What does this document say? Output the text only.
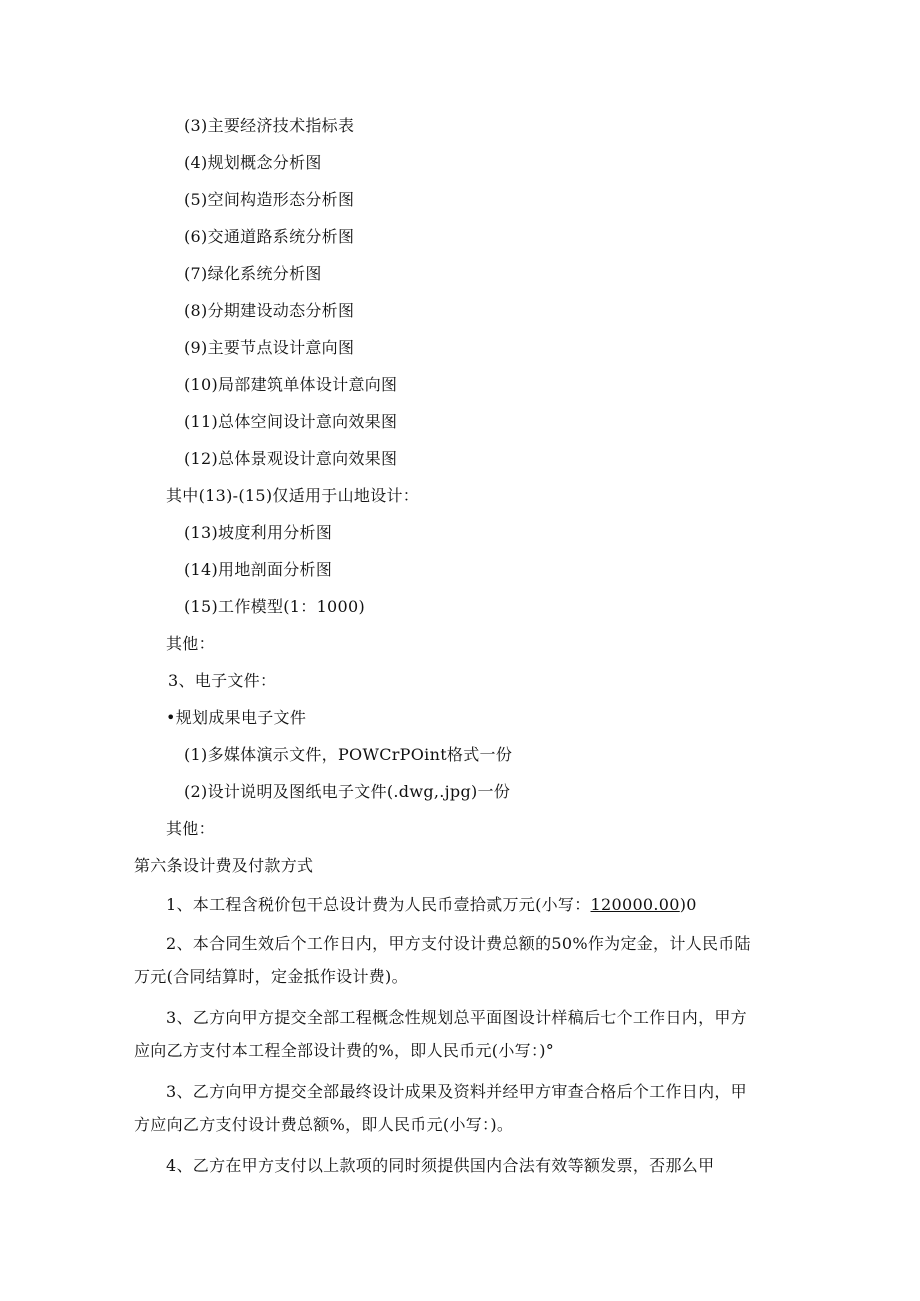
(3)主要经济技术指标表
(4)规划概念分析图
(5)空间构造形态分析图
(6)交通道路系统分析图
(7)绿化系统分析图
(8)分期建设动态分析图
(9)主要节点设计意向图
(10)局部建筑单体设计意向图
(11)总体空间设计意向效果图
(12)总体景观设计意向效果图
其中(13)-(15)仅适用于山地设计：
(13)坡度利用分析图
(14)用地剖面分析图
(15)工作模型(1：1000)
其他：
3、电子文件：
•规划成果电子文件
(1)多媒体演示文件，POWCrPOint格式一份
(2)设计说明及图纸电子文件(.dwg,.jpg)一份
其他：
第六条设计费及付款方式
1、本工程含税价包干总设计费为人民币壹拾贰万元(小写：120000.00)0
2、本合同生效后个工作日内，甲方支付设计费总额的50%作为定金，计人民币陆
万元(合同结算时，定金抵作设计费)。
3、乙方向甲方提交全部工程概念性规划总平面图设计样稿后七个工作日内，甲方
应向乙方支付本工程全部设计费的%，即人民币元(小写：)°
3、乙方向甲方提交全部最终设计成果及资料并经甲方审查合格后个工作日内，甲
方应向乙方支付设计费总额%，即人民币元(小写：)。
4、乙方在甲方支付以上款项的同时须提供国内合法有效等额发票，否那么甲
